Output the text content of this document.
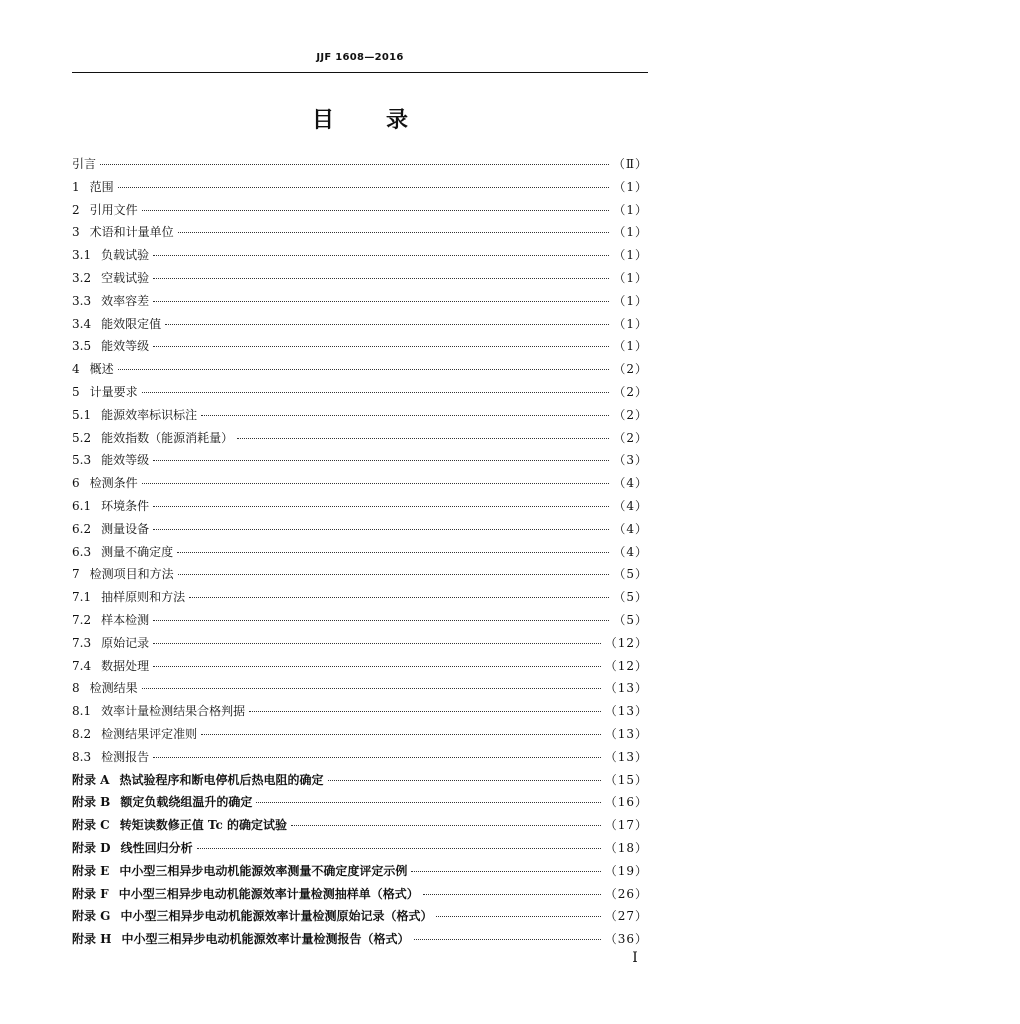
JJF 1608—2016
目 录
引言	（Ⅱ）
1 范围	（1）
2 引用文件	（1）
3 术语和计量单位	（1）
3.1 负载试验	（1）
3.2 空载试验	（1）
3.3 效率容差	（1）
3.4 能效限定值	（1）
3.5 能效等级	（1）
4 概述	（2）
5 计量要求	（2）
5.1 能源效率标识标注	（2）
5.2 能效指数（能源消耗量）	（2）
5.3 能效等级	（3）
6 检测条件	（4）
6.1 环境条件	（4）
6.2 测量设备	（4）
6.3 测量不确定度	（4）
7 检测项目和方法	（5）
7.1 抽样原则和方法	（5）
7.2 样本检测	（5）
7.3 原始记录	（12）
7.4 数据处理	（12）
8 检测结果	（13）
8.1 效率计量检测结果合格判据	（13）
8.2 检测结果评定准则	（13）
8.3 检测报告	（13）
附录 A 热试验程序和断电停机后热电阻的确定	（15）
附录 B 额定负载绕组温升的确定	（16）
附录 C 转矩读数修正值 Tc 的确定试验	（17）
附录 D 线性回归分析	（18）
附录 E 中小型三相异步电动机能源效率测量不确定度评定示例	（19）
附录 F 中小型三相异步电动机能源效率计量检测抽样单（格式）	（26）
附录 G 中小型三相异步电动机能源效率计量检测原始记录（格式）	（27）
附录 H 中小型三相异步电动机能源效率计量检测报告（格式）	（36）
Ⅰ
